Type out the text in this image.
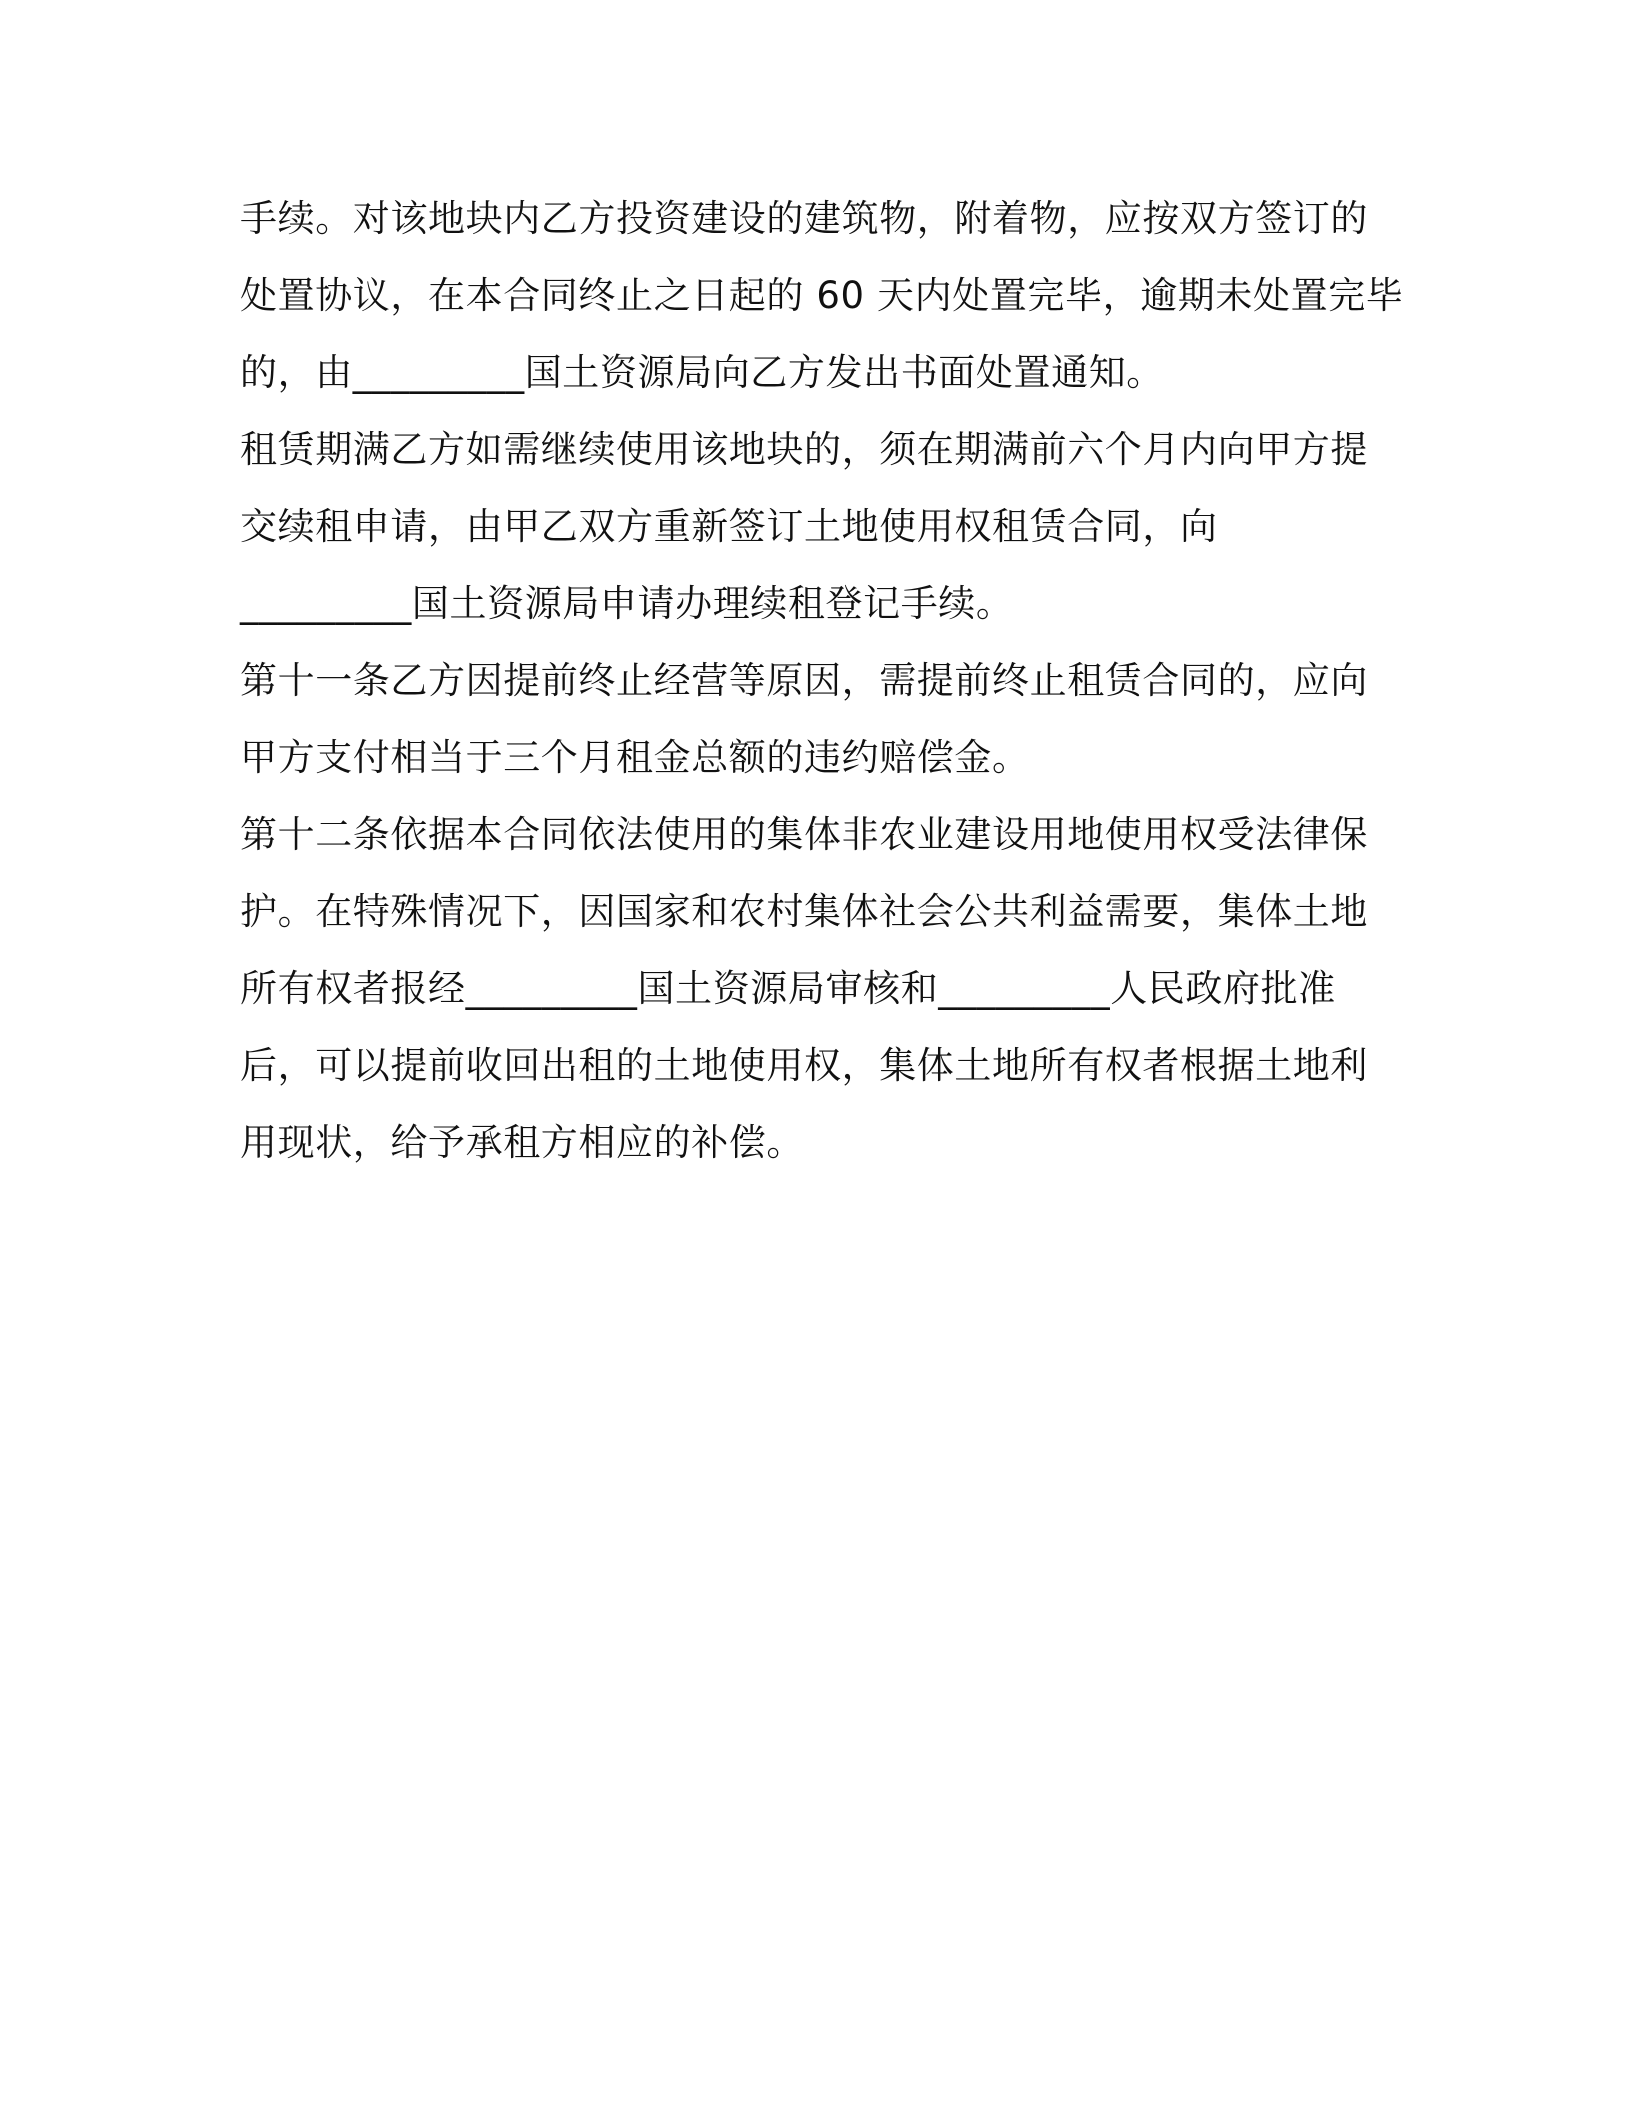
手续。对该地块内乙方投资建设的建筑物，附着物，应按双方签订的
处置协议，在本合同终止之日起的 60 天内处置完毕，逾期未处置完毕
的，由_________国土资源局向乙方发出书面处置通知。
租赁期满乙方如需继续使用该地块的，须在期满前六个月内向甲方提
交续租申请，由甲乙双方重新签订土地使用权租赁合同，向
_________国土资源局申请办理续租登记手续。
第十一条乙方因提前终止经营等原因，需提前终止租赁合同的，应向
甲方支付相当于三个月租金总额的违约赔偿金。
第十二条依据本合同依法使用的集体非农业建设用地使用权受法律保
护。在特殊情况下，因国家和农村集体社会公共利益需要，集体土地
所有权者报经_________国土资源局审核和_________人民政府批准
后，可以提前收回出租的土地使用权，集体土地所有权者根据土地利
用现状，给予承租方相应的补偿。
